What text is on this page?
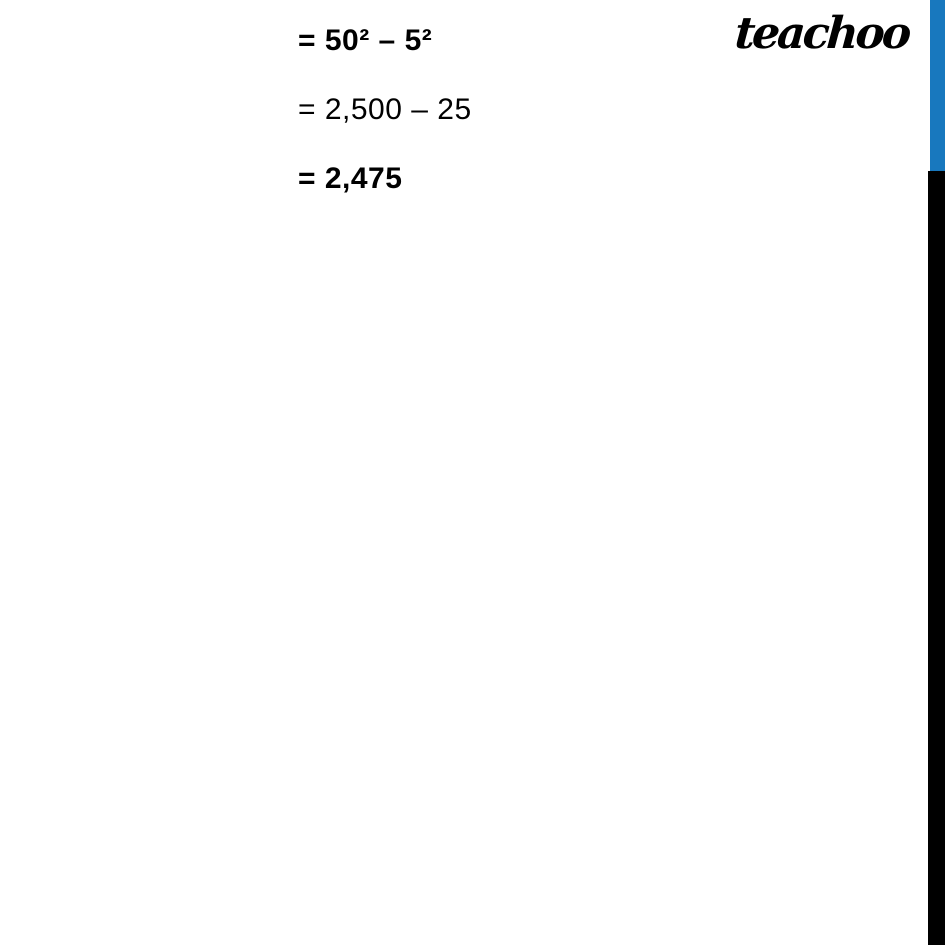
= 50² – 5²
= 2,500 – 25
= 2,475
teachoo
